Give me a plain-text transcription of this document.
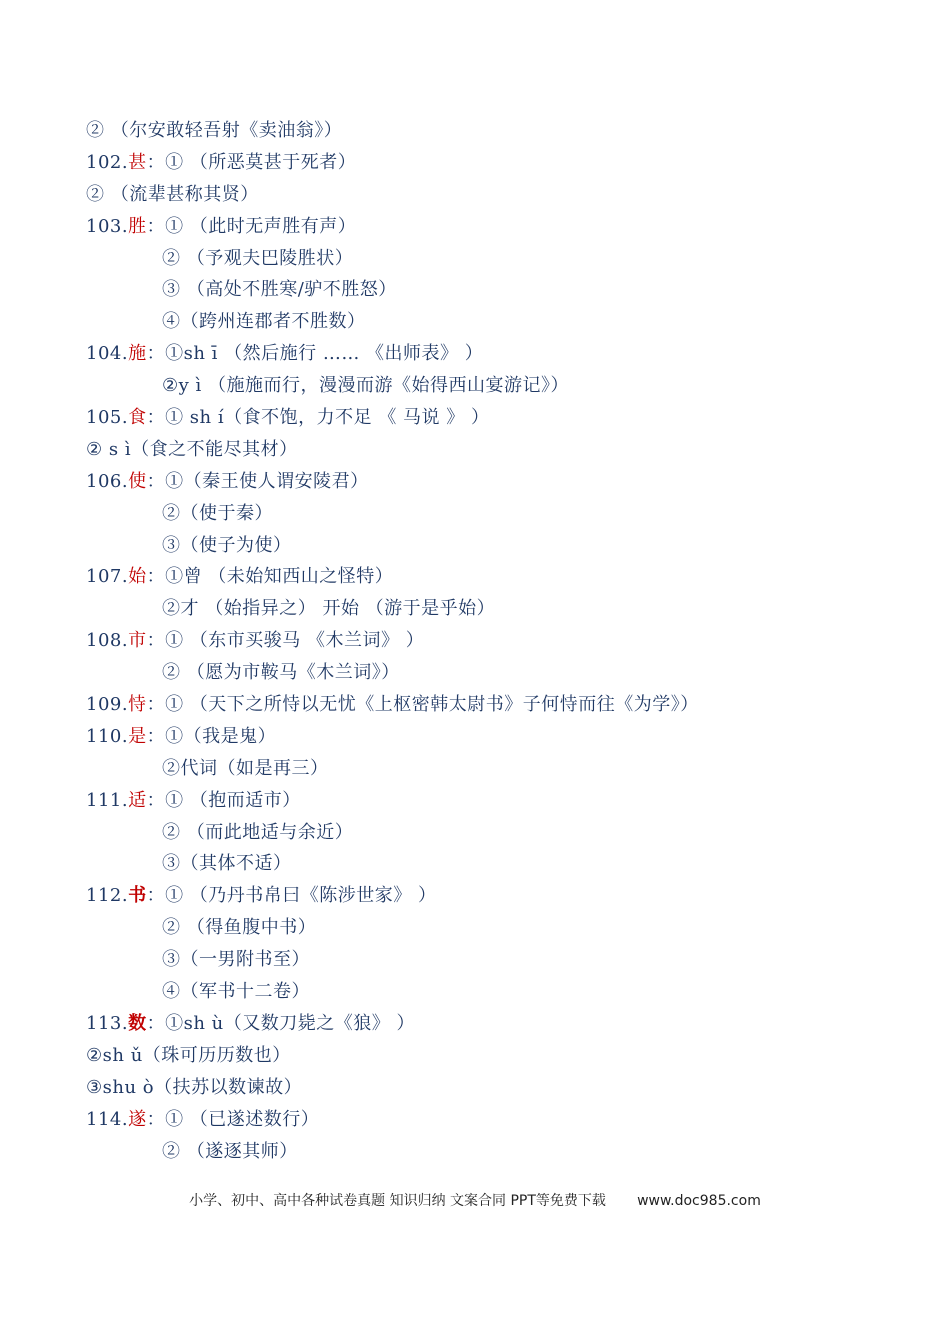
② （尔安敢轻吾射《卖油翁》）
102.甚：① （所恶莫甚于死者）
② （流辈甚称其贤）
103.胜：① （此时无声胜有声）
② （予观夫巴陵胜状）
③ （高处不胜寒/驴不胜怒）
④（跨州连郡者不胜数）
104.施：①sh ī （然后施行 …… 《出师表》 ）
②y ì （施施而行，漫漫而游《始得西山宴游记》）
105.食：① sh í（食不饱，力不足 《 马说 》 ）
② s ì（食之不能尽其材）
106.使：①（秦王使人谓安陵君）
②（使于秦）
③（使子为使）
107.始：①曾 （未始知西山之怪特）
②才 （始指异之） 开始 （游于是乎始）
108.市：① （东市买骏马 《木兰词》 ）
② （愿为市鞍马《木兰词》）
109.恃：① （天下之所恃以无忧《上枢密韩太尉书》子何恃而往《为学》）
110.是：①（我是鬼）
②代词（如是再三）
111.适：① （抱而适市）
② （而此地适与余近）
③（其体不适）
112.书：① （乃丹书帛曰《陈涉世家》 ）
② （得鱼腹中书）
③（一男附书至）
④（军书十二卷）
113.数：①sh ù（又数刀毙之《狼》 ）
②sh ǔ（珠可历历数也）
③shu ò（扶苏以数谏故）
114.遂：① （已遂述数行）
② （遂逐其师）
小学、初中、高中各种试卷真题 知识归纳 文案合同 PPT等免费下载 www.doc985.com
